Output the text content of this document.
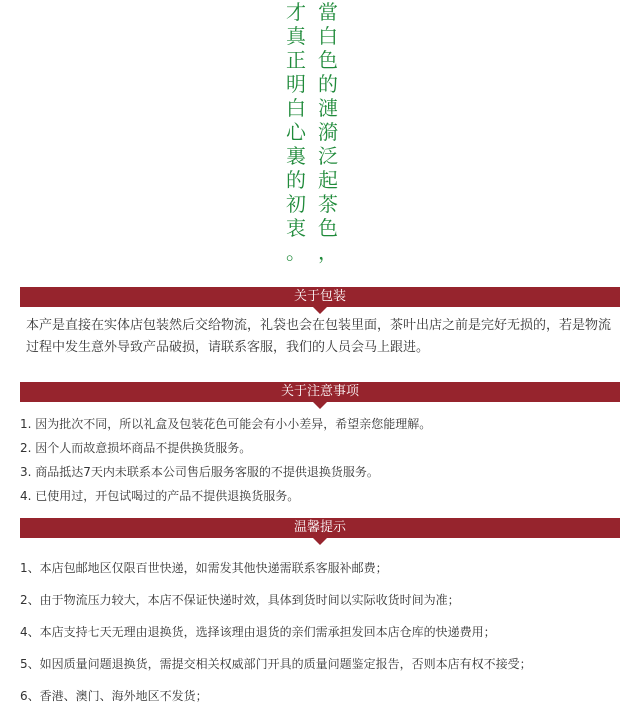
當
白
色
的
漣
漪
泛
起
茶
色
，
才
真
正
明
白
心
裏
的
初
衷
。
关于包装
本产是直接在实体店包装然后交给物流，礼袋也会在包装里面，茶叶出店之前是完好无损的，若是物流过程中发生意外导致产品破损，请联系客服，我们的人员会马上跟进。
关于注意事项
1. 因为批次不同，所以礼盒及包装花色可能会有小小差异，希望亲您能理解。
2. 因个人而故意损坏商品不提供换货服务。
3. 商品抵达7天内未联系本公司售后服务客服的不提供退换货服务。
4. 已使用过，开包试喝过的产品不提供退换货服务。
温馨提示
1、本店包邮地区仅限百世快递，如需发其他快递需联系客服补邮费；
2、由于物流压力较大，本店不保证快递时效，具体到货时间以实际收货时间为准；
4、本店支持七天无理由退换货，选择该理由退货的亲们需承担发回本店仓库的快递费用；
5、如因质量问题退换货，需提交相关权威部门开具的质量问题鉴定报告，否则本店有权不接受；
6、香港、澳门、海外地区不发货；
